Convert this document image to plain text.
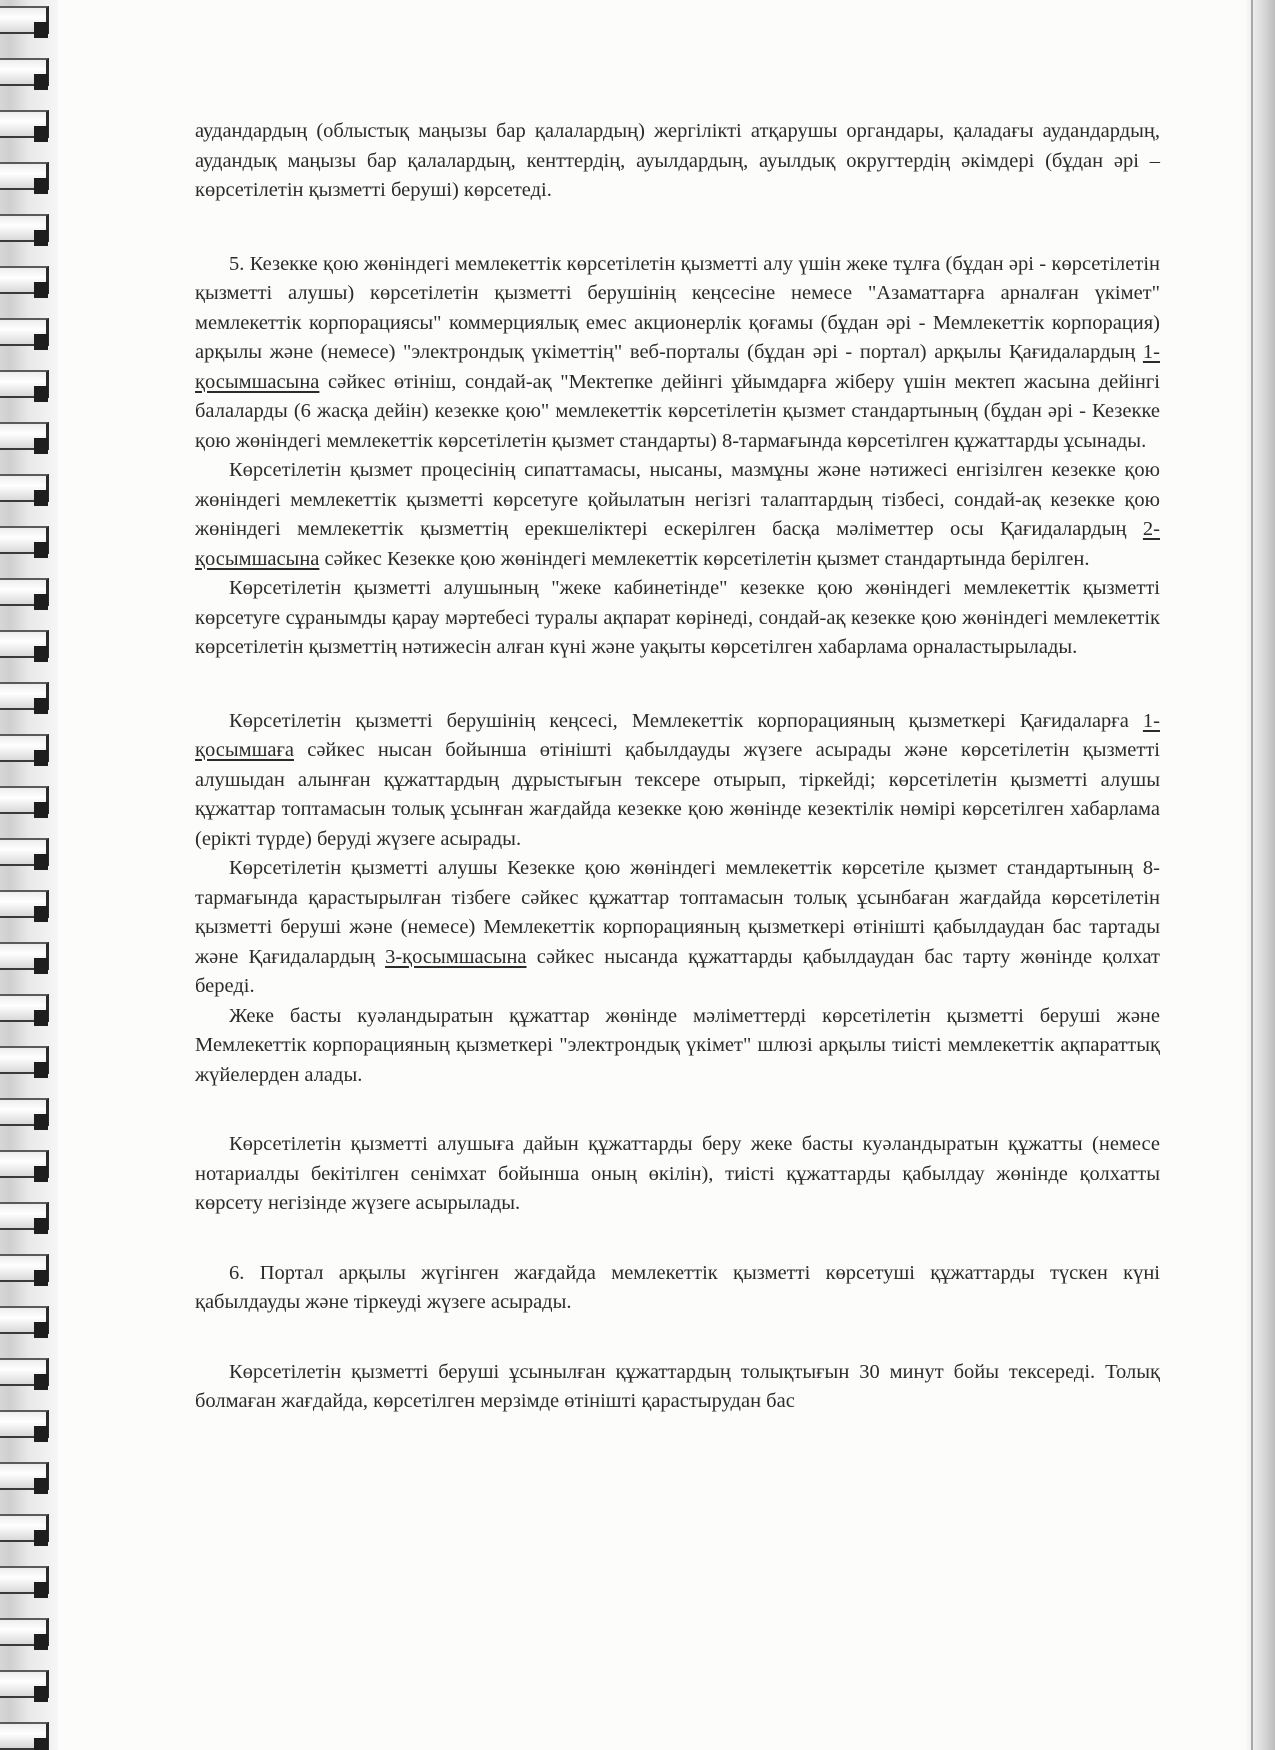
аудандардың (облыстық маңызы бар қалалардың) жергілікті атқарушы органдары, қаладағы аудандардың, аудандық маңызы бар қалалардың, кенттердің, ауылдардың, ауылдық округтердің әкімдері (бұдан әрі – көрсетілетін қызметті беруші) көрсетеді.

5. Кезекке қою жөніндегі мемлекеттік көрсетілетін қызметті алу үшін жеке тұлға (бұдан әрі - көрсетілетін қызметті алушы) көрсетілетін қызметті берушінің кеңсесіне немесе "Азаматтарға арналған үкімет" мемлекеттік корпорациясы" коммерциялық емес акционерлік қоғамы (бұдан әрі - Мемлекеттік корпорация) арқылы және (немесе) "электрондық үкіметтің" веб-порталы (бұдан әрі - портал) арқылы Қағидалардың 1-қосымшасына сәйкес өтініш, сондай-ақ "Мектепке дейінгі ұйымдарға жіберу үшін мектеп жасына дейінгі балаларды (6 жасқа дейін) кезекке қою" мемлекеттік көрсетілетін қызмет стандартының (бұдан әрі - Кезекке қою жөніндегі мемлекеттік көрсетілетін қызмет стандарты) 8-тармағында көрсетілген құжаттарды ұсынады.

Көрсетілетін қызмет процесінің сипаттамасы, нысаны, мазмұны және нәтижесі енгізілген кезекке қою жөніндегі мемлекеттік қызметті көрсетуге қойылатын негізгі талаптардың тізбесі, сондай-ақ кезекке қою жөніндегі мемлекеттік қызметтің ерекшеліктері ескерілген басқа мәліметтер осы Қағидалардың 2-қосымшасына сәйкес Кезекке қою жөніндегі мемлекеттік көрсетілетін қызмет стандартында берілген.

Көрсетілетін қызметті алушының "жеке кабинетінде" кезекке қою жөніндегі мемлекеттік қызметті көрсетуге сұранымды қарау мәртебесі туралы ақпарат көрінеді, сондай-ақ кезекке қою жөніндегі мемлекеттік көрсетілетін қызметтің нәтижесін алған күні және уақыты көрсетілген хабарлама орналастырылады.

Көрсетілетін қызметті берушінің кеңсесі, Мемлекеттік корпорацияның қызметкері Қағидаларға 1-қосымшаға сәйкес нысан бойынша өтінішті қабылдауды жүзеге асырады және көрсетілетін қызметті алушыдан алынған құжаттардың дұрыстығын тексере отырып, тіркейді; көрсетілетін қызметті алушы құжаттар топтамасын толық ұсынған жағдайда кезекке қою жөнінде кезектілік нөмірі көрсетілген хабарлама (ерікті түрде) беруді жүзеге асырады.

Көрсетілетін қызметті алушы Кезекке қою жөніндегі мемлекеттік көрсетіле қызмет стандартының 8-тармағында қарастырылған тізбеге сәйкес құжаттар топтамасын толық ұсынбаған жағдайда көрсетілетін қызметті беруші және (немесе) Мемлекеттік корпорацияның қызметкері өтінішті қабылдаудан бас тартады және Қағидалардың 3-қосымшасына сәйкес нысанда құжаттарды қабылдаудан бас тарту жөнінде қолхат береді.

Жеке басты куәландыратын құжаттар жөнінде мәліметтерді көрсетілетін қызметті беруші және Мемлекеттік корпорацияның қызметкері "электрондық үкімет" шлюзі арқылы тиісті мемлекеттік ақпараттық жүйелерден алады.

Көрсетілетін қызметті алушыға дайын құжаттарды беру жеке басты куәландыратын құжатты (немесе нотариалды бекітілген сенімхат бойынша оның өкілін), тиісті құжаттарды қабылдау жөнінде қолхатты көрсету негізінде жүзеге асырылады.

6. Портал арқылы жүгінген жағдайда мемлекеттік қызметті көрсетуші құжаттарды түскен күні қабылдауды және тіркеуді жүзеге асырады.

Көрсетілетін қызметті беруші ұсынылған құжаттардың толықтығын 30 минут бойы тексереді. Толық болмаған жағдайда, көрсетілген мерзімде өтінішті қарастырудан бас
